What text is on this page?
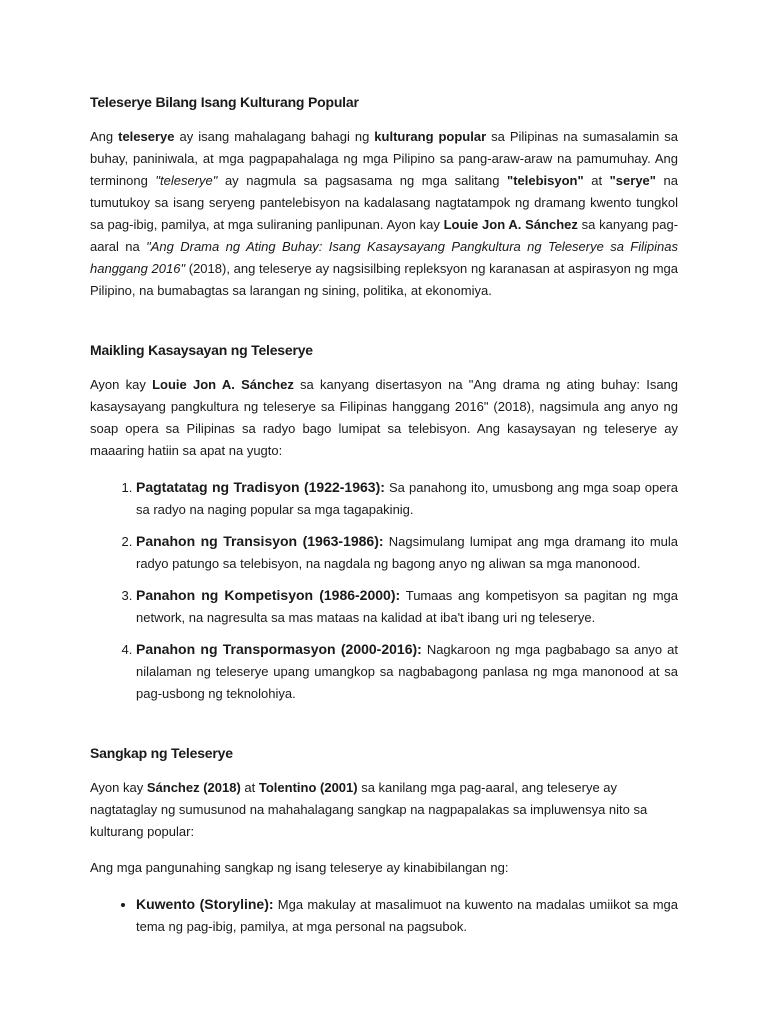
Teleserye Bilang Isang Kulturang Popular

Ang teleserye ay isang mahalagang bahagi ng kulturang popular sa Pilipinas na sumasalamin sa buhay, paniniwala, at mga pagpapahalaga ng mga Pilipino sa pang-araw-araw na pamumuhay. Ang terminong "teleserye" ay nagmula sa pagsasama ng mga salitang "telebisyon" at "serye" na tumutukoy sa isang seryeng pantelebisyon na kadalasang nagtatampok ng dramang kwento tungkol sa pag-ibig, pamilya, at mga suliraning panlipunan. Ayon kay Louie Jon A. Sánchez sa kanyang pag-aaral na "Ang Drama ng Ating Buhay: Isang Kasaysayang Pangkultura ng Teleserye sa Filipinas hanggang 2016" (2018), ang teleserye ay nagsisilbing repleksyon ng karanasan at aspirasyon ng mga Pilipino, na bumabagtas sa larangan ng sining, politika, at ekonomiya.

Maikling Kasaysayan ng Teleserye

Ayon kay Louie Jon A. Sánchez sa kanyang disertasyon na "Ang drama ng ating buhay: Isang kasaysayang pangkultura ng teleserye sa Filipinas hanggang 2016" (2018), nagsimula ang anyo ng soap opera sa Pilipinas sa radyo bago lumipat sa telebisyon. Ang kasaysayan ng teleserye ay maaaring hatiin sa apat na yugto:

1. Pagtatatag ng Tradisyon (1922-1963): Sa panahong ito, umusbong ang mga soap opera sa radyo na naging popular sa mga tagapakinig.
2. Panahon ng Transisyon (1963-1986): Nagsimulang lumipat ang mga dramang ito mula radyo patungo sa telebisyon, na nagdala ng bagong anyo ng aliwan sa mga manonood.
3. Panahon ng Kompetisyon (1986-2000): Tumaas ang kompetisyon sa pagitan ng mga network, na nagresulta sa mas mataas na kalidad at iba't ibang uri ng teleserye.
4. Panahon ng Transpormasyon (2000-2016): Nagkaroon ng mga pagbabago sa anyo at nilalaman ng teleserye upang umangkop sa nagbabagong panlasa ng mga manonood at sa pag-usbong ng teknolohiya.
Sangkap ng Teleserye

Ayon kay Sánchez (2018) at Tolentino (2001) sa kanilang mga pag-aaral, ang teleserye ay nagtataglay ng sumusunod na mahahalagang sangkap na nagpapalakas sa impluwensya nito sa kulturang popular:

Ang mga pangunahing sangkap ng isang teleserye ay kinabibilangan ng:

• Kuwento (Storyline): Mga makulay at masalimuot na kuwento na madalas umiikot sa mga tema ng pag-ibig, pamilya, at mga personal na pagsubok.
